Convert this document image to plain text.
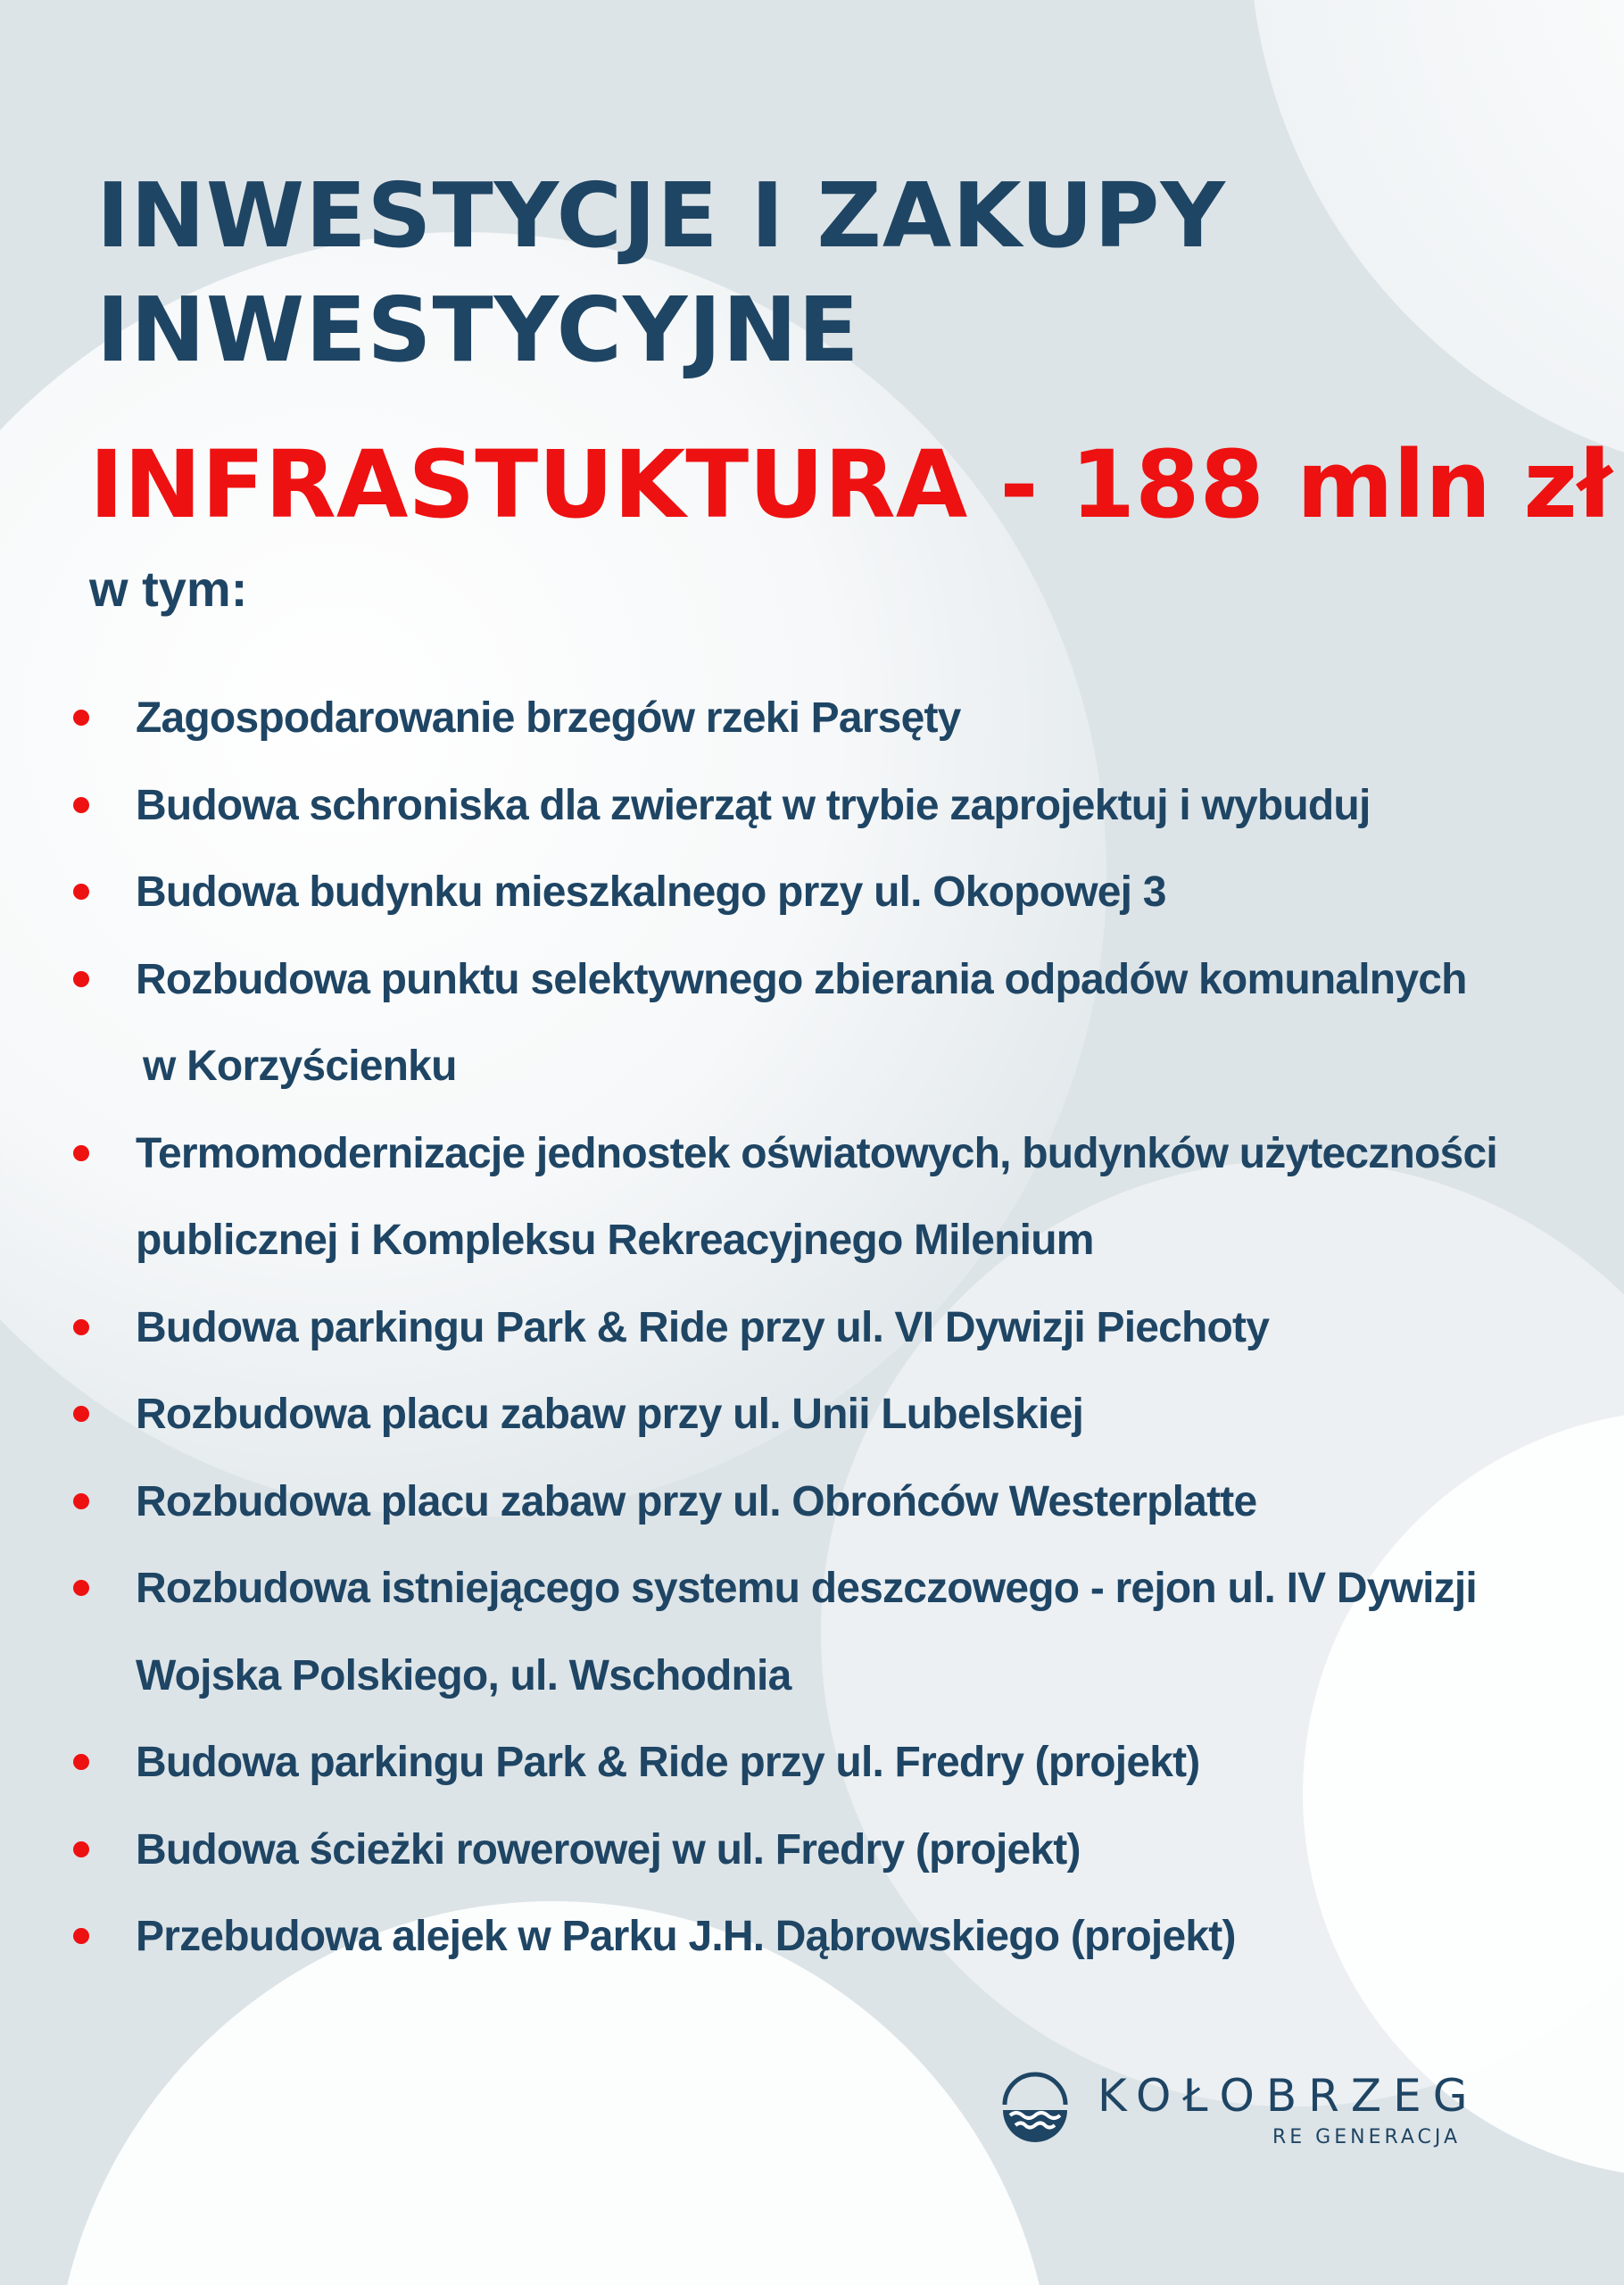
INWESTYCJE I ZAKUPY
INWESTYCYJNE
INFRASTUKTURA - 188 mln zł
w tym:
Zagospodarowanie brzegów rzeki Parsęty
Budowa schroniska dla zwierząt w trybie zaprojektuj i wybuduj
Budowa budynku mieszkalnego przy ul. Okopowej 3
Rozbudowa punktu selektywnego zbierania odpadów komunalnych
w Korzyścienku
Termomodernizacje jednostek oświatowych, budynków użyteczności
publicznej i Kompleksu Rekreacyjnego Milenium
Budowa parkingu Park & Ride przy ul. VI Dywizji Piechoty
Rozbudowa placu zabaw przy ul. Unii Lubelskiej
Rozbudowa placu zabaw przy ul. Obrońców Westerplatte
Rozbudowa istniejącego systemu deszczowego - rejon ul. IV Dywizji
Wojska Polskiego, ul. Wschodnia
Budowa parkingu Park & Ride przy ul. Fredry (projekt)
Budowa ścieżki rowerowej w ul. Fredry (projekt)
Przebudowa alejek w Parku J.H. Dąbrowskiego (projekt)
KOŁOBRZEG
RE GENERACJA
